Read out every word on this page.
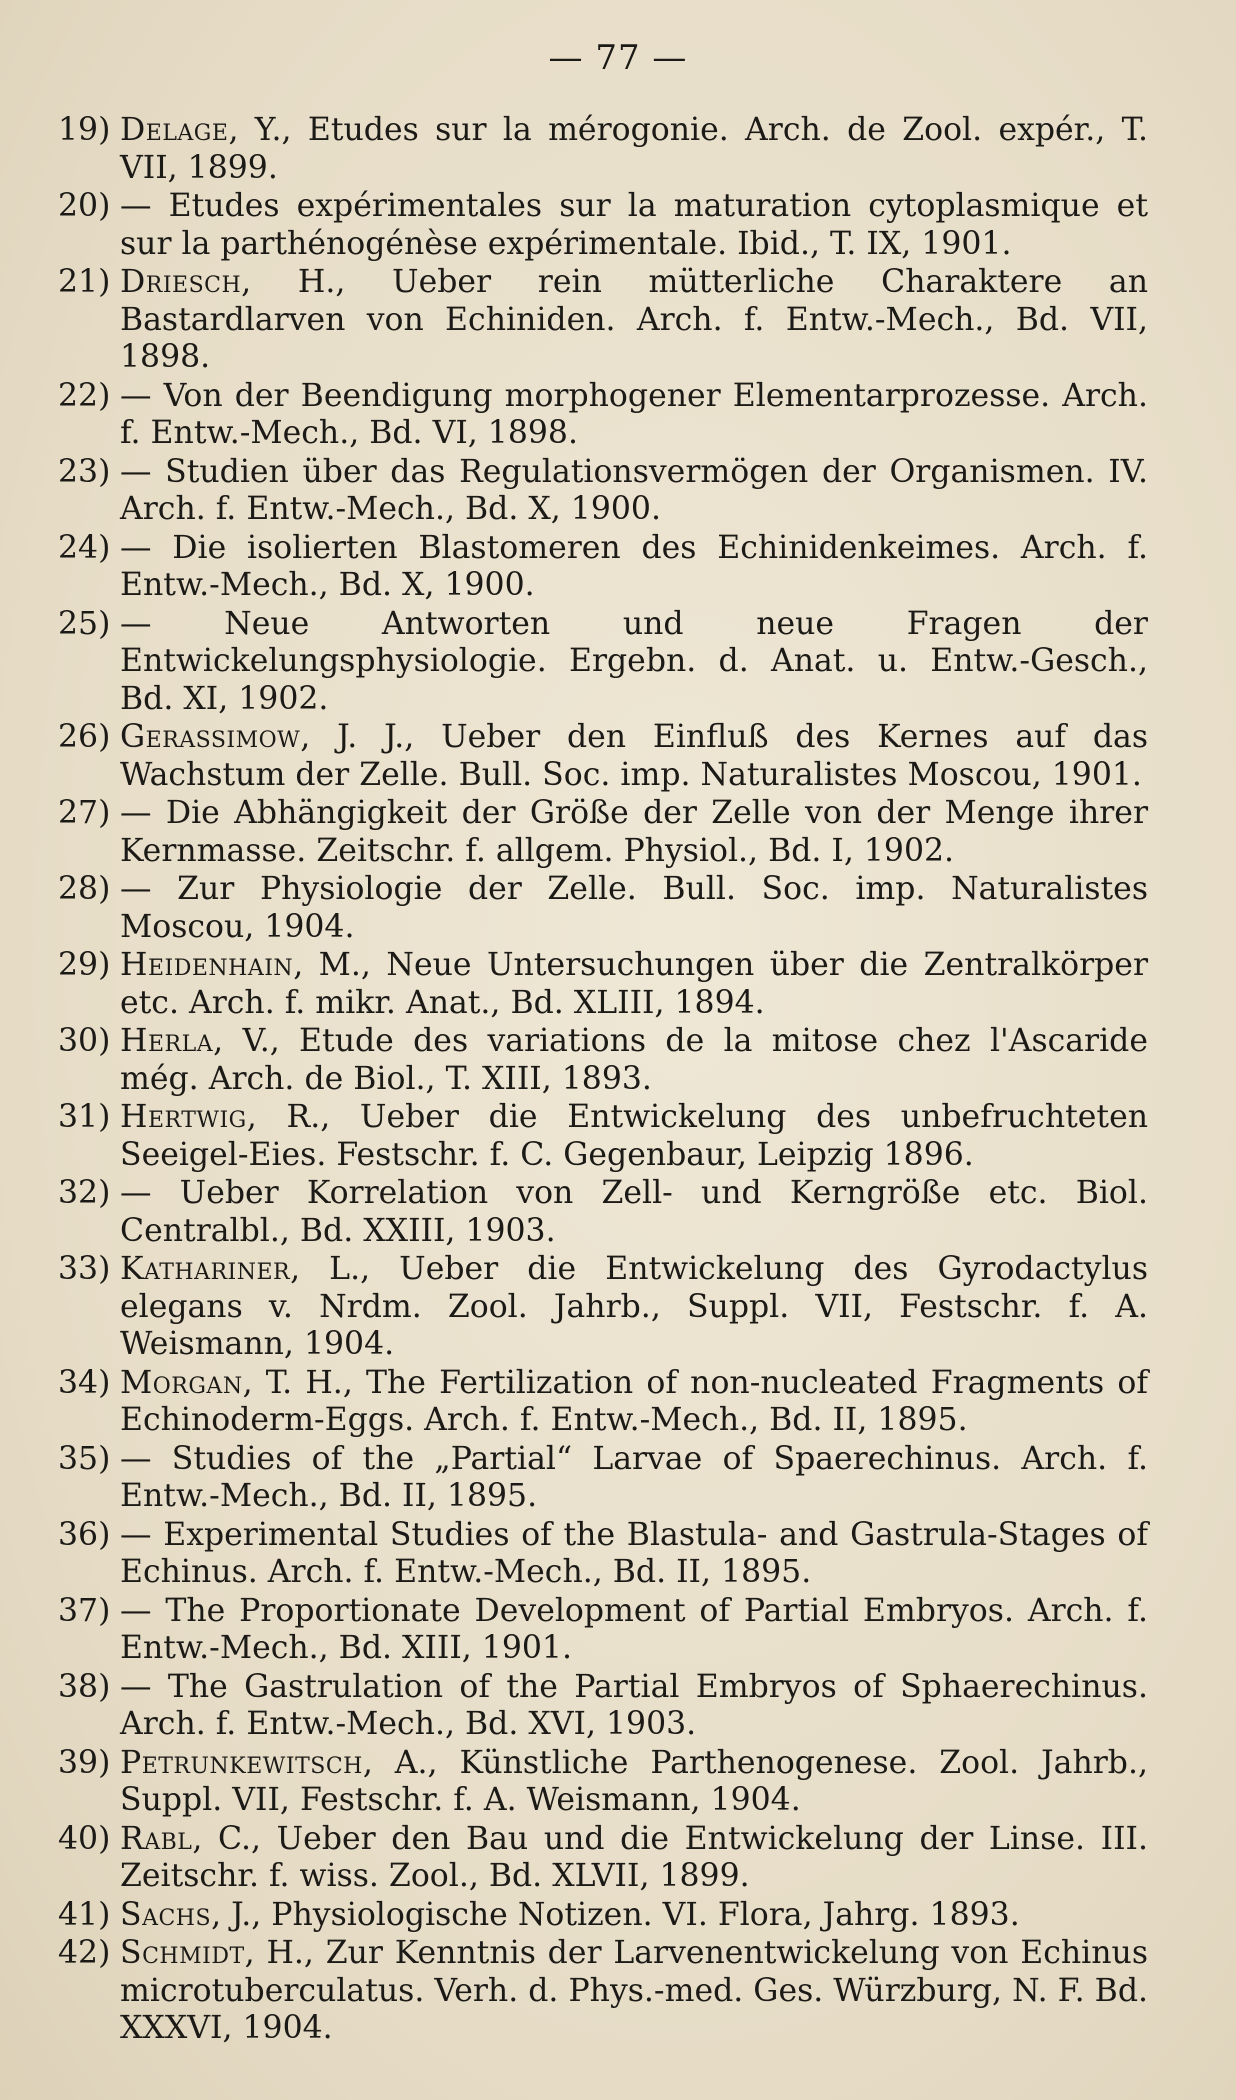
— 77 —
19) Delage, Y., Etudes sur la mérogonie. Arch. de Zool. expér., T. VII, 1899.
20) — Etudes expérimentales sur la maturation cytoplasmique et sur la parthénogénèse expérimentale. Ibid., T. IX, 1901.
21) Driesch, H., Ueber rein mütterliche Charaktere an Bastardlarven von Echiniden. Arch. f. Entw.-Mech., Bd. VII, 1898.
22) — Von der Beendigung morphogener Elementarprozesse. Arch. f. Entw.-Mech., Bd. VI, 1898.
23) — Studien über das Regulationsvermögen der Organismen. IV. Arch. f. Entw.-Mech., Bd. X, 1900.
24) — Die isolierten Blastomeren des Echinidenkeimes. Arch. f. Entw.-Mech., Bd. X, 1900.
25) — Neue Antworten und neue Fragen der Entwickelungsphysiologie. Ergebn. d. Anat. u. Entw.-Gesch., Bd. XI, 1902.
26) Gerassimow, J. J., Ueber den Einfluß des Kernes auf das Wachstum der Zelle. Bull. Soc. imp. Naturalistes Moscou, 1901.
27) — Die Abhängigkeit der Größe der Zelle von der Menge ihrer Kernmasse. Zeitschr. f. allgem. Physiol., Bd. I, 1902.
28) — Zur Physiologie der Zelle. Bull. Soc. imp. Naturalistes Moscou, 1904.
29) Heidenhain, M., Neue Untersuchungen über die Zentralkörper etc. Arch. f. mikr. Anat., Bd. XLIII, 1894.
30) Herla, V., Etude des variations de la mitose chez l'Ascaride még. Arch. de Biol., T. XIII, 1893.
31) Hertwig, R., Ueber die Entwickelung des unbefruchteten Seeigel-Eies. Festschr. f. C. Gegenbaur, Leipzig 1896.
32) — Ueber Korrelation von Zell- und Kerngröße etc. Biol. Centralbl., Bd. XXIII, 1903.
33) Kathariner, L., Ueber die Entwickelung des Gyrodactylus elegans v. Nrdm. Zool. Jahrb., Suppl. VII, Festschr. f. A. Weismann, 1904.
34) Morgan, T. H., The Fertilization of non-nucleated Fragments of Echinoderm-Eggs. Arch. f. Entw.-Mech., Bd. II, 1895.
35) — Studies of the „Partial“ Larvae of Spaerechinus. Arch. f. Entw.-Mech., Bd. II, 1895.
36) — Experimental Studies of the Blastula- and Gastrula-Stages of Echinus. Arch. f. Entw.-Mech., Bd. II, 1895.
37) — The Proportionate Development of Partial Embryos. Arch. f. Entw.-Mech., Bd. XIII, 1901.
38) — The Gastrulation of the Partial Embryos of Sphaerechinus. Arch. f. Entw.-Mech., Bd. XVI, 1903.
39) Petrunkewitsch, A., Künstliche Parthenogenese. Zool. Jahrb., Suppl. VII, Festschr. f. A. Weismann, 1904.
40) Rabl, C., Ueber den Bau und die Entwickelung der Linse. III. Zeitschr. f. wiss. Zool., Bd. XLVII, 1899.
41) Sachs, J., Physiologische Notizen. VI. Flora, Jahrg. 1893.
42) Schmidt, H., Zur Kenntnis der Larvenentwickelung von Echinus microtuberculatus. Verh. d. Phys.-med. Ges. Würzburg, N. F. Bd. XXXVI, 1904.
